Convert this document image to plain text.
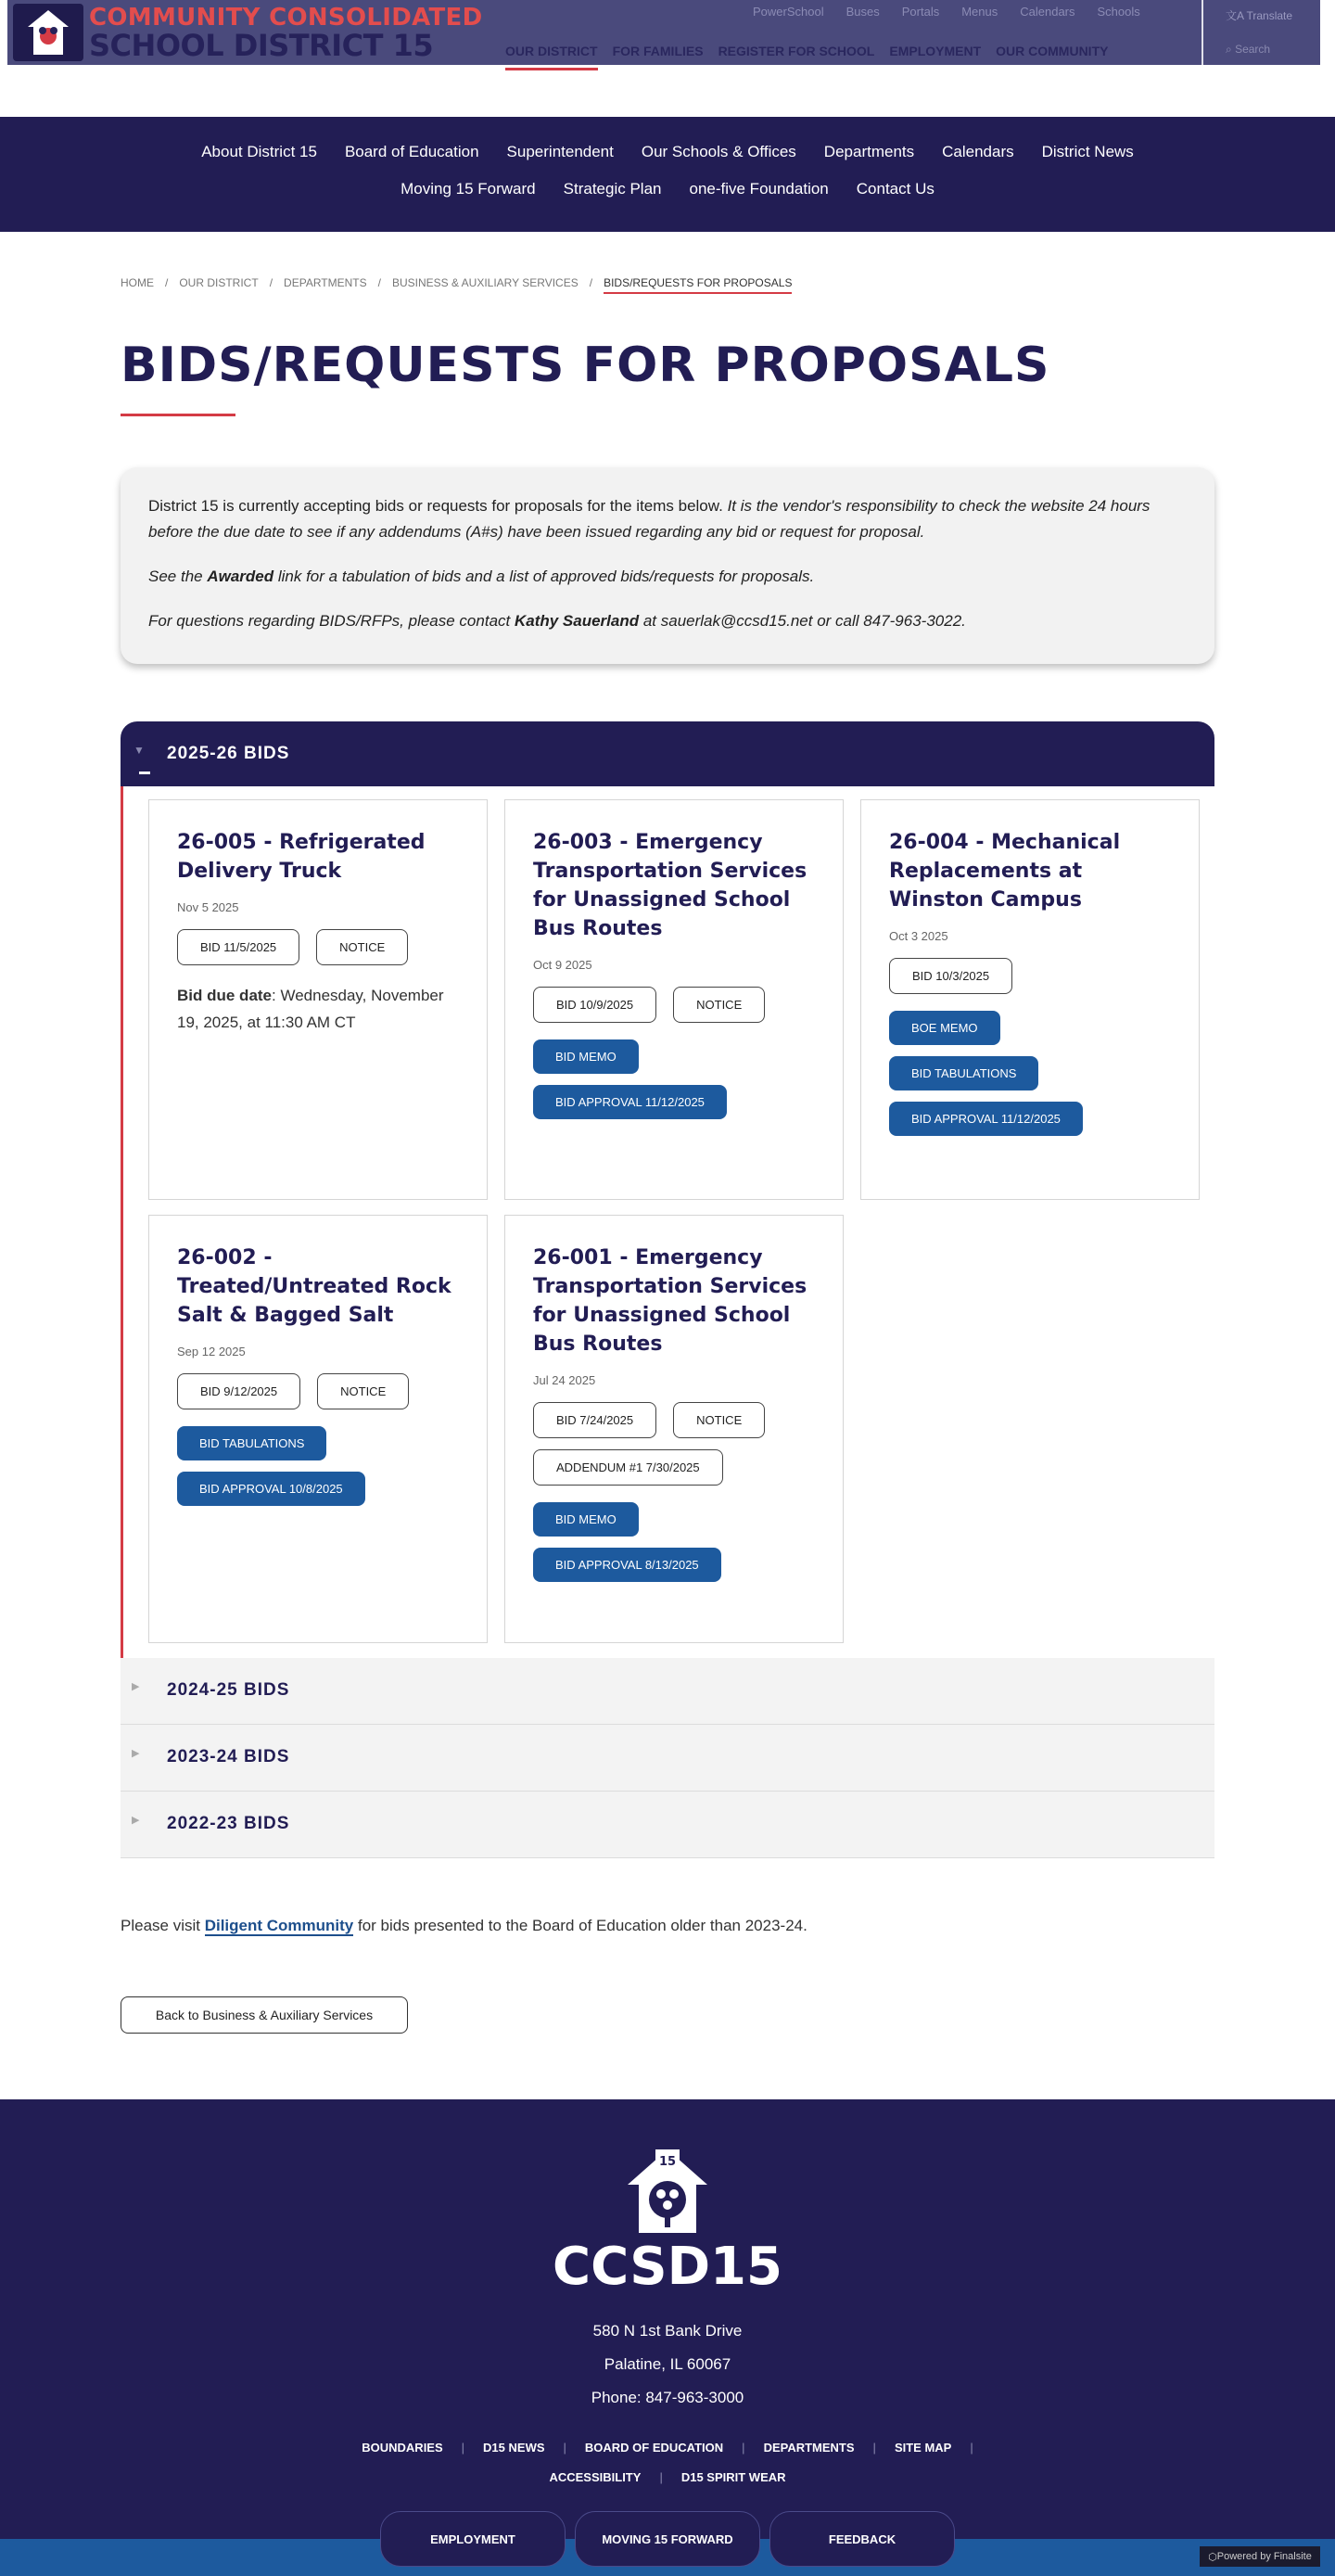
COMMUNITY CONSOLIDATED
SCHOOL DISTRICT 15
PowerSchool Buses Portals Menus Calendars Schools
OUR DISTRICT FOR FAMILIES REGISTER FOR SCHOOL EMPLOYMENT OUR COMMUNITY
文A Translate
⌕ Search
About District 15 Board of Education Superintendent Our Schools & Offices Departments Calendars District News
Moving 15 Forward Strategic Plan one-five Foundation Contact Us
HOME / OUR DISTRICT / DEPARTMENTS / BUSINESS & AUXILIARY SERVICES / BIDS/REQUESTS FOR PROPOSALS
BIDS/REQUESTS FOR PROPOSALS

District 15 is currently accepting bids or requests for proposals for the items below. It is the vendor's responsibility to check the website 24 hours before the due date to see if any addendums (A#s) have been issued regarding any bid or request for proposal.

See the Awarded link for a tabulation of bids and a list of approved bids/requests for proposals.

For questions regarding BIDS/RFPs, please contact Kathy Sauerland at sauerlak@ccsd15.net or call 847-963-3022.

▼ 2025-26 BIDS
26-005 - Refrigerated Delivery Truck
Nov 5 2025
BID 11/5/2025	NOTICE
Bid due date: Wednesday, November 19, 2025, at 11:30 AM CT
26-003 - Emergency Transportation Services for Unassigned School Bus Routes
Oct 9 2025
BID 10/9/2025	NOTICE
BID MEMO
BID APPROVAL 11/12/2025
26-004 - Mechanical Replacements at Winston Campus
Oct 3 2025
BID 10/3/2025
BOE MEMO
BID TABULATIONS
BID APPROVAL 11/12/2025
26-002 - Treated/Untreated Rock Salt & Bagged Salt
Sep 12 2025
BID 9/12/2025	NOTICE
BID TABULATIONS
BID APPROVAL 10/8/2025
26-001 - Emergency Transportation Services for Unassigned School Bus Routes
Jul 24 2025
BID 7/24/2025	NOTICE
ADDENDUM #1 7/30/2025
BID MEMO
BID APPROVAL 8/13/2025
▶ 2024-25 BIDS
▶ 2023-24 BIDS
▶ 2022-23 BIDS
Please visit Diligent Community for bids presented to the Board of Education older than 2023-24.
Back to Business & Auxiliary Services
15
CCSD15
580 N 1st Bank Drive
Palatine, IL 60067
Phone: 847-963-3000
BOUNDARIES | D15 NEWS | BOARD OF EDUCATION | DEPARTMENTS | SITE MAP |
ACCESSIBILITY | D15 SPIRIT WEAR
EMPLOYMENT	MOVING 15 FORWARD	FEEDBACK
⬡ Powered by Finalsite
